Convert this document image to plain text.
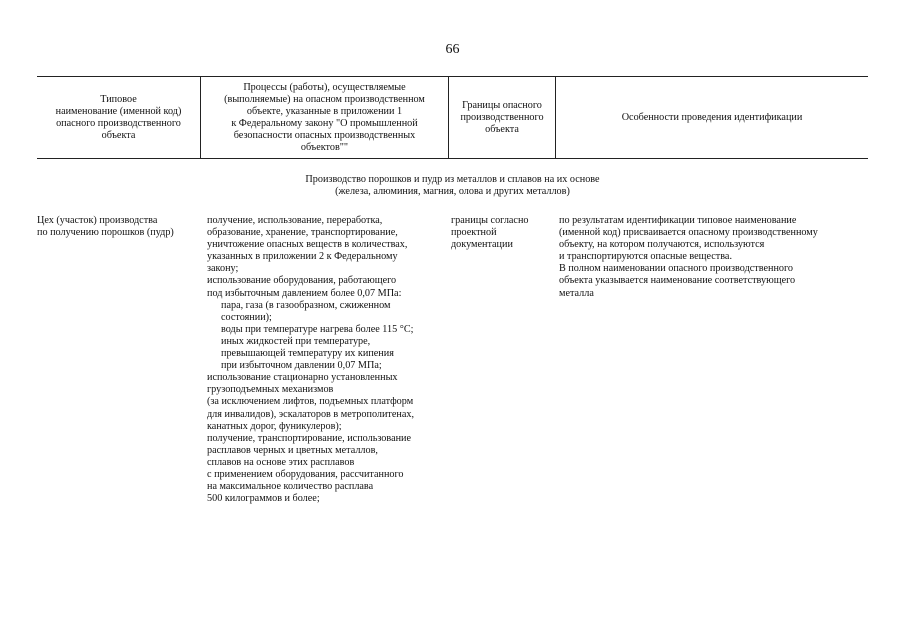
66
Типовое
наименование (именной код)
опасного производственного
объекта
Процессы (работы), осуществляемые
(выполняемые) на опасном производственном
объекте, указанные в приложении 1
к Федеральному закону "О промышленной
безопасности опасных производственных
объектов""
Границы опасного
производственного
объекта
Особенности проведения идентификации
Производство порошков и пудр из металлов и сплавов на их основе
(железа, алюминия, магния, олова и других металлов)
Цех (участок) производства
по получению порошков (пудр)
получение, использование, переработка,
образование, хранение, транспортирование,
уничтожение опасных веществ в количествах,
указанных в приложении 2 к Федеральному
закону;
использование оборудования, работающего
под избыточным давлением более 0,07 МПа:
пара, газа (в газообразном, сжиженном
состоянии);
воды при температуре нагрева более 115 °С;
иных жидкостей при температуре,
превышающей температуру их кипения
при избыточном давлении 0,07 МПа;
использование стационарно установленных
грузоподъемных механизмов
(за исключением лифтов, подъемных платформ
для инвалидов), эскалаторов в метрополитенах,
канатных дорог, фуникулеров);
получение, транспортирование, использование
расплавов черных и цветных металлов,
сплавов на основе этих расплавов
с применением оборудования, рассчитанного
на максимальное количество расплава
500 килограммов и более;
границы согласно
проектной
документации
по результатам идентификации типовое наименование
(именной код) присваивается опасному производственному
объекту, на котором получаются, используются
и транспортируются опасные вещества.
В полном наименовании опасного производственного
объекта указывается наименование соответствующего
металла
